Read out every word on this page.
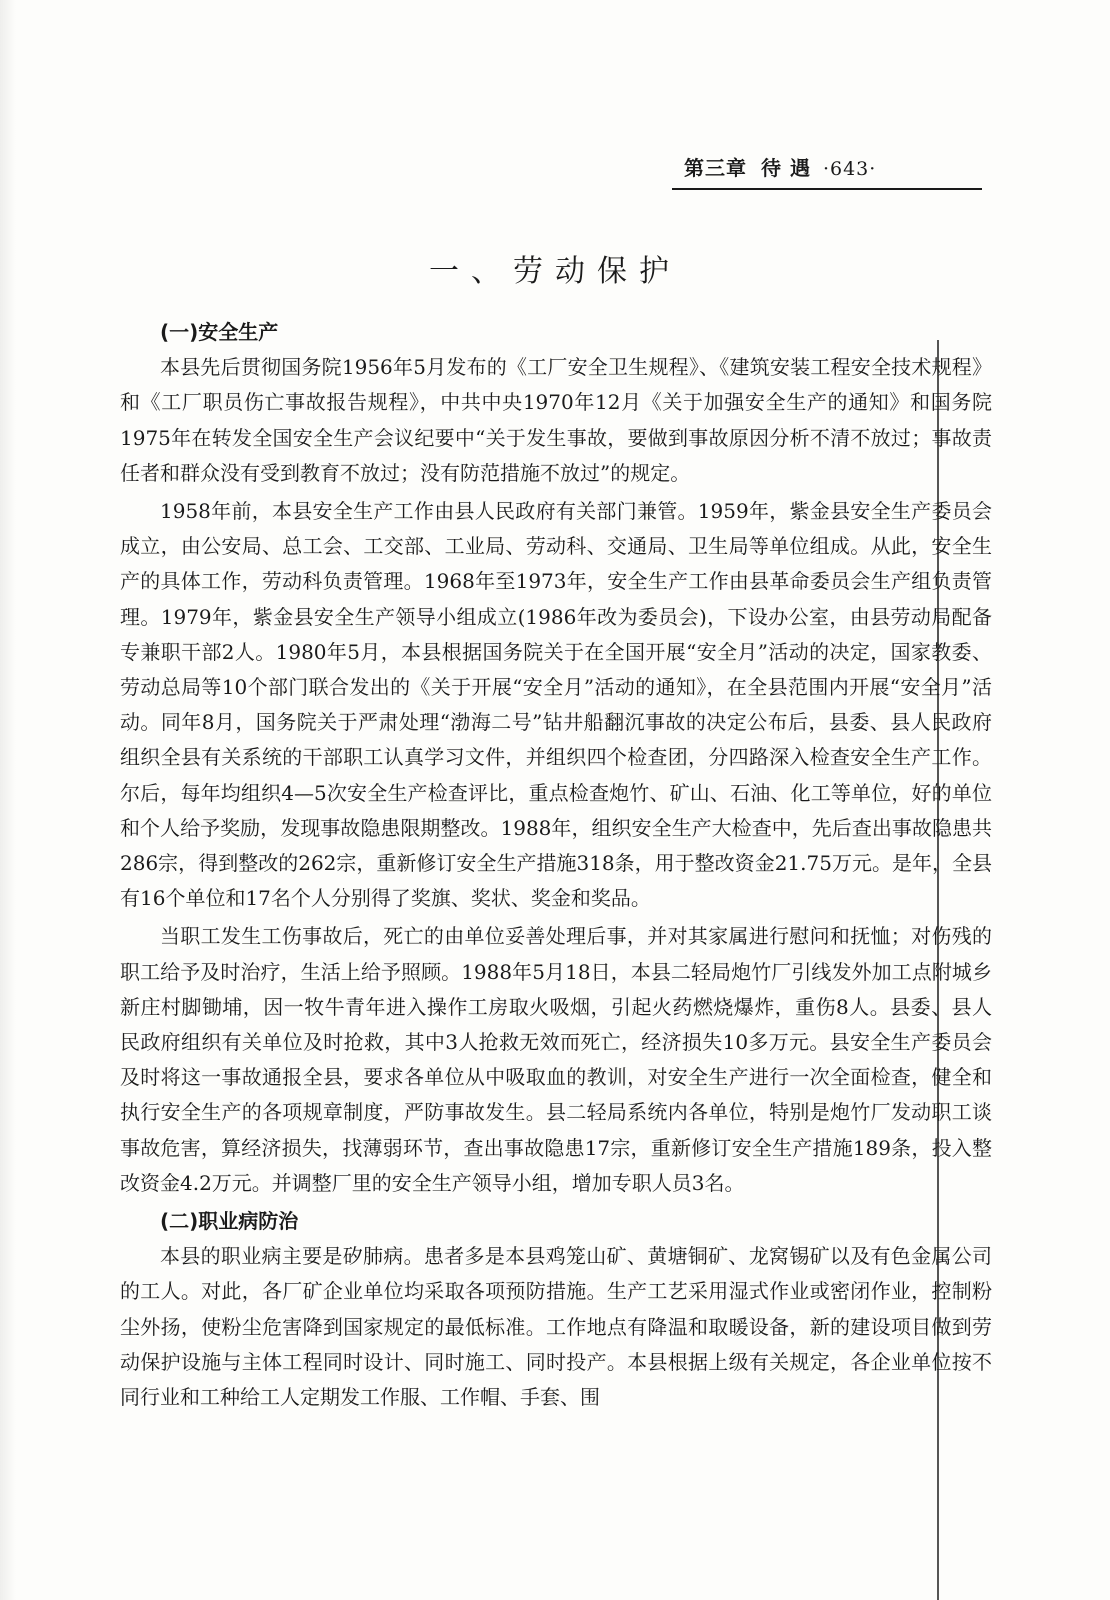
第三章 待 遇 ·643·
一、劳动保护
(一)安全生产

本县先后贯彻国务院1956年5月发布的《工厂安全卫生规程》、《建筑安装工程安全技术规程》和《工厂职员伤亡事故报告规程》，中共中央1970年12月《关于加强安全生产的通知》和国务院1975年在转发全国安全生产会议纪要中“关于发生事故，要做到事故原因分析不清不放过；事故责任者和群众没有受到教育不放过；没有防范措施不放过”的规定。

1958年前，本县安全生产工作由县人民政府有关部门兼管。1959年，紫金县安全生产委员会成立，由公安局、总工会、工交部、工业局、劳动科、交通局、卫生局等单位组成。从此，安全生产的具体工作，劳动科负责管理。1968年至1973年，安全生产工作由县革命委员会生产组负责管理。1979年，紫金县安全生产领导小组成立(1986年改为委员会)，下设办公室，由县劳动局配备专兼职干部2人。1980年5月，本县根据国务院关于在全国开展“安全月”活动的决定，国家教委、劳动总局等10个部门联合发出的《关于开展“安全月”活动的通知》，在全县范围内开展“安全月”活动。同年8月，国务院关于严肃处理“渤海二号”钻井船翻沉事故的决定公布后，县委、县人民政府组织全县有关系统的干部职工认真学习文件，并组织四个检查团，分四路深入检查安全生产工作。尔后，每年均组织4—5次安全生产检查评比，重点检查炮竹、矿山、石油、化工等单位，好的单位和个人给予奖励，发现事故隐患限期整改。1988年，组织安全生产大检查中，先后查出事故隐患共286宗，得到整改的262宗，重新修订安全生产措施318条，用于整改资金21.75万元。是年，全县有16个单位和17名个人分别得了奖旗、奖状、奖金和奖品。

当职工发生工伤事故后，死亡的由单位妥善处理后事，并对其家属进行慰问和抚恤；对伤残的职工给予及时治疗，生活上给予照顾。1988年5月18日，本县二轻局炮竹厂引线发外加工点附城乡新庄村脚锄埔，因一牧牛青年进入操作工房取火吸烟，引起火药燃烧爆炸，重伤8人。县委、县人民政府组织有关单位及时抢救，其中3人抢救无效而死亡，经济损失10多万元。县安全生产委员会及时将这一事故通报全县，要求各单位从中吸取血的教训，对安全生产进行一次全面检查，健全和执行安全生产的各项规章制度，严防事故发生。县二轻局系统内各单位，特别是炮竹厂发动职工谈事故危害，算经济损失，找薄弱环节，查出事故隐患17宗，重新修订安全生产措施189条，投入整改资金4.2万元。并调整厂里的安全生产领导小组，增加专职人员3名。

(二)职业病防治

本县的职业病主要是矽肺病。患者多是本县鸡笼山矿、黄塘铜矿、龙窝锡矿以及有色金属公司的工人。对此，各厂矿企业单位均采取各项预防措施。生产工艺采用湿式作业或密闭作业，控制粉尘外扬，使粉尘危害降到国家规定的最低标准。工作地点有降温和取暖设备，新的建设项目做到劳动保护设施与主体工程同时设计、同时施工、同时投产。本县根据上级有关规定，各企业单位按不同行业和工种给工人定期发工作服、工作帽、手套、围
